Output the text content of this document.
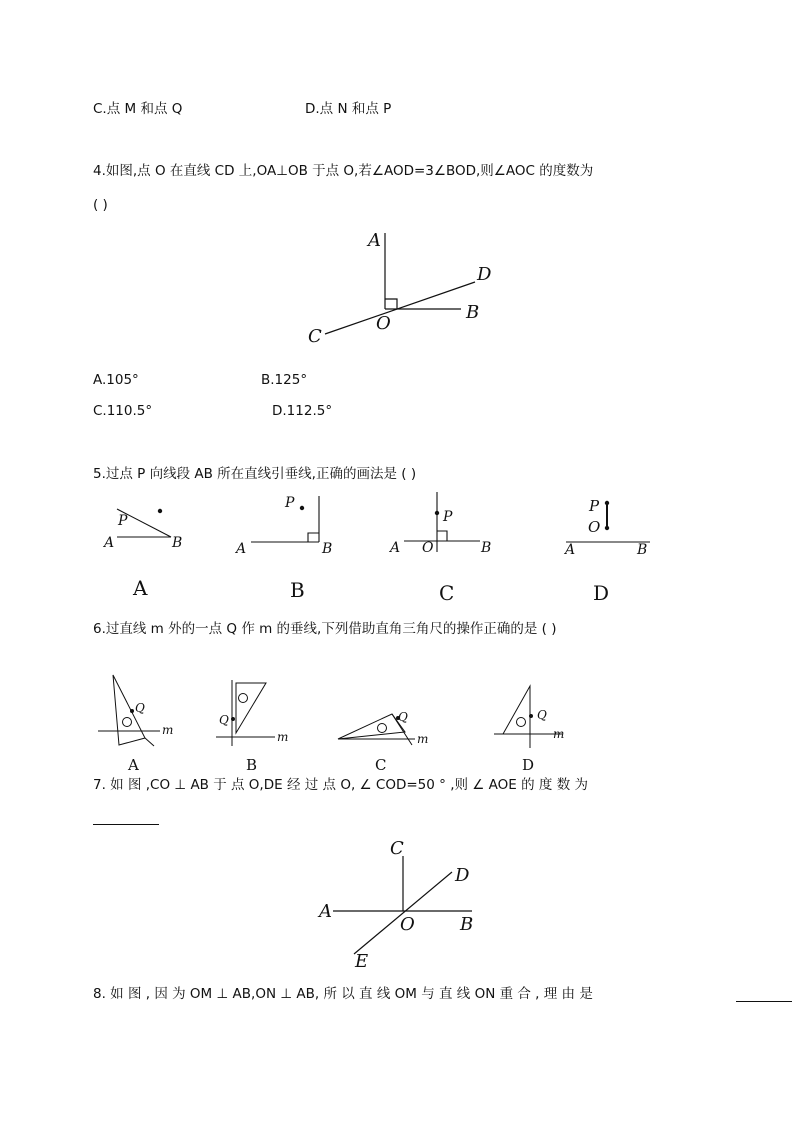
C.点 M 和点 Q	D.点 N 和点 P
4.如图,点 O 在直线 CD 上,OA⊥OB 于点 O,若∠AOD=3∠BOD,则∠AOC 的度数为
( )
A
D
B
O
C
A.105°	B.125°
C.110.5°	D.112.5°
5.过点 P 向线段 AB 所在直线引垂线,正确的画法是 ( )
P
A	B
A
P
A	B
B
P
A O	B
C
P
O
A	B
D
6.过直线 m 外的一点 Q 作 m 的垂线,下列借助直角三角尺的操作正确的是 ( )
Q
m
A
Q
m
B
Q
m
C
Q
m
D
7. 如 图 ,CO ⊥ AB 于 点 O,DE 经 过 点 O, ∠ COD=50 ° ,则 ∠ AOE 的 度 数 为
C
D
A
O	B
E
8. 如 图 , 因 为 OM ⊥ AB,ON ⊥ AB, 所 以 直 线 OM 与 直 线 ON 重 合 , 理 由 是
